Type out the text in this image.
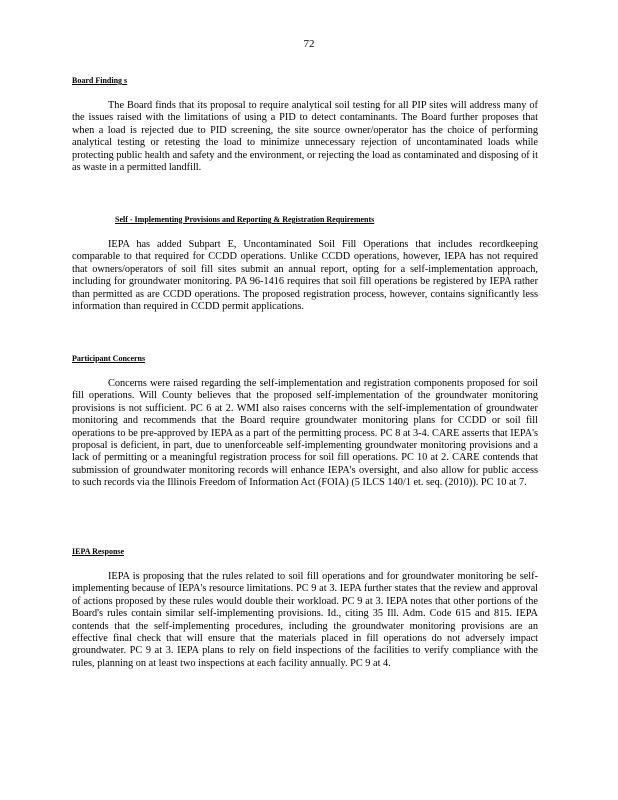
72
Board Finding s

The Board finds that its proposal to require analytical soil testing for all PIP sites will address many of the issues raised with the limitations of using a PID to detect contaminants. The Board further proposes that when a load is rejected due to PID screening, the site source owner/operator has the choice of performing analytical testing or retesting the load to minimize unnecessary rejection of uncontaminated loads while protecting public health and safety and the environment, or rejecting the load as contaminated and disposing of it as waste in a permitted landfill.

Self - Implementing Provisions and Reporting & Registration Requirements

IEPA has added Subpart E, Uncontaminated Soil Fill Operations that includes recordkeeping comparable to that required for CCDD operations. Unlike CCDD operations, however, IEPA has not required that owners/operators of soil fill sites submit an annual report, opting for a self-implementation approach, including for groundwater monitoring. PA 96-1416 requires that soil fill operations be registered by IEPA rather than permitted as are CCDD operations. The proposed registration process, however, contains significantly less information than required in CCDD permit applications.

Participant Concerns

Concerns were raised regarding the self-implementation and registration components proposed for soil fill operations. Will County believes that the proposed self-implementation of the groundwater monitoring provisions is not sufficient. PC 6 at 2. WMI also raises concerns with the self-implementation of groundwater monitoring and recommends that the Board require groundwater monitoring plans for CCDD or soil fill operations to be pre-approved by IEPA as a part of the permitting process. PC 8 at 3-4. CARE asserts that IEPA's proposal is deficient, in part, due to unenforceable self-implementing groundwater monitoring provisions and a lack of permitting or a meaningful registration process for soil fill operations. PC 10 at 2. CARE contends that submission of groundwater monitoring records will enhance IEPA's oversight, and also allow for public access to such records via the Illinois Freedom of Information Act (FOIA) (5 ILCS 140/1 et. seq. (2010)). PC 10 at 7.

IEPA Response

IEPA is proposing that the rules related to soil fill operations and for groundwater monitoring be self-implementing because of IEPA's resource limitations. PC 9 at 3. IEPA further states that the review and approval of actions proposed by these rules would double their workload. PC 9 at 3. IEPA notes that other portions of the Board's rules contain similar self-implementing provisions. Id., citing 35 Ill. Adm. Code 615 and 815. IEPA contends that the self-implementing procedures, including the groundwater monitoring provisions are an effective final check that will ensure that the materials placed in fill operations do not adversely impact groundwater. PC 9 at 3. IEPA plans to rely on field inspections of the facilities to verify compliance with the rules, planning on at least two inspections at each facility annually. PC 9 at 4.
